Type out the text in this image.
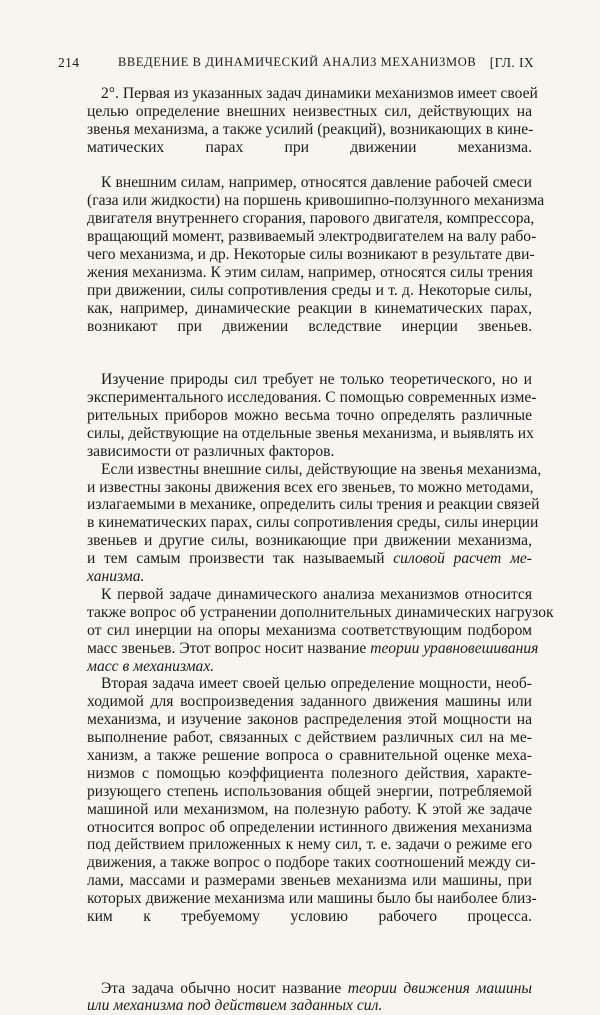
214	ВВЕДЕНИЕ В ДИНАМИЧЕСКИЙ АНАЛИЗ МЕХАНИЗМОВ [ГЛ. IX
2°. Первая из указанных задач динамики механизмов имеет своей
целью определение внешних неизвестных сил, действующих на
звенья механизма, а также усилий (реакций), возникающих в кине-
матических парах при движении механизма.
К внешним силам, например, относятся давление рабочей смеси
(газа или жидкости) на поршень кривошипно-ползунного механизма
двигателя внутреннего сгорания, парового двигателя, компрессора,
вращающий момент, развиваемый электродвигателем на валу рабо-
чего механизма, и др. Некоторые силы возникают в результате дви-
жения механизма. К этим силам, например, относятся силы трения
при движении, силы сопротивления среды и т. д. Некоторые силы,
как, например, динамические реакции в кинематических парах,
возникают при движении вследствие инерции звеньев.
Изучение природы сил требует не только теоретического, но и
экспериментального исследования. С помощью современных изме-
рительных приборов можно весьма точно определять различные
силы, действующие на отдельные звенья механизма, и выявлять их
зависимости от различных факторов.
Если известны внешние силы, действующие на звенья механизма,
и известны законы движения всех его звеньев, то можно методами,
излагаемыми в механике, определить силы трения и реакции связей
в кинематических парах, силы сопротивления среды, силы инерции
звеньев и другие силы, возникающие при движении механизма,
и тем самым произвести так называемый силовой расчет ме-
ханизма.
К первой задаче динамического анализа механизмов относится
также вопрос об устранении дополнительных динамических нагрузок
от сил инерции на опоры механизма соответствующим подбором
масс звеньев. Этот вопрос носит название теории уравновешивания
масс в механизмах.
Вторая задача имеет своей целью определение мощности, необ-
ходимой для воспроизведения заданного движения машины или
механизма, и изучение законов распределения этой мощности на
выполнение работ, связанных с действием различных сил на ме-
ханизм, а также решение вопроса о сравнительной оценке меха-
низмов с помощью коэффициента полезного действия, характе-
ризующего степень использования общей энергии, потребляемой
машиной или механизмом, на полезную работу. К этой же задаче
относится вопрос об определении истинного движения механизма
под действием приложенных к нему сил, т. е. задачи о режиме его
движения, а также вопрос о подборе таких соотношений между си-
лами, массами и размерами звеньев механизма или машины, при
которых движение механизма или машины было бы наиболее близ-
ким к требуемому условию рабочего процесса.
Эта задача обычно носит название теории движения машины
или механизма под действием заданных сил.
